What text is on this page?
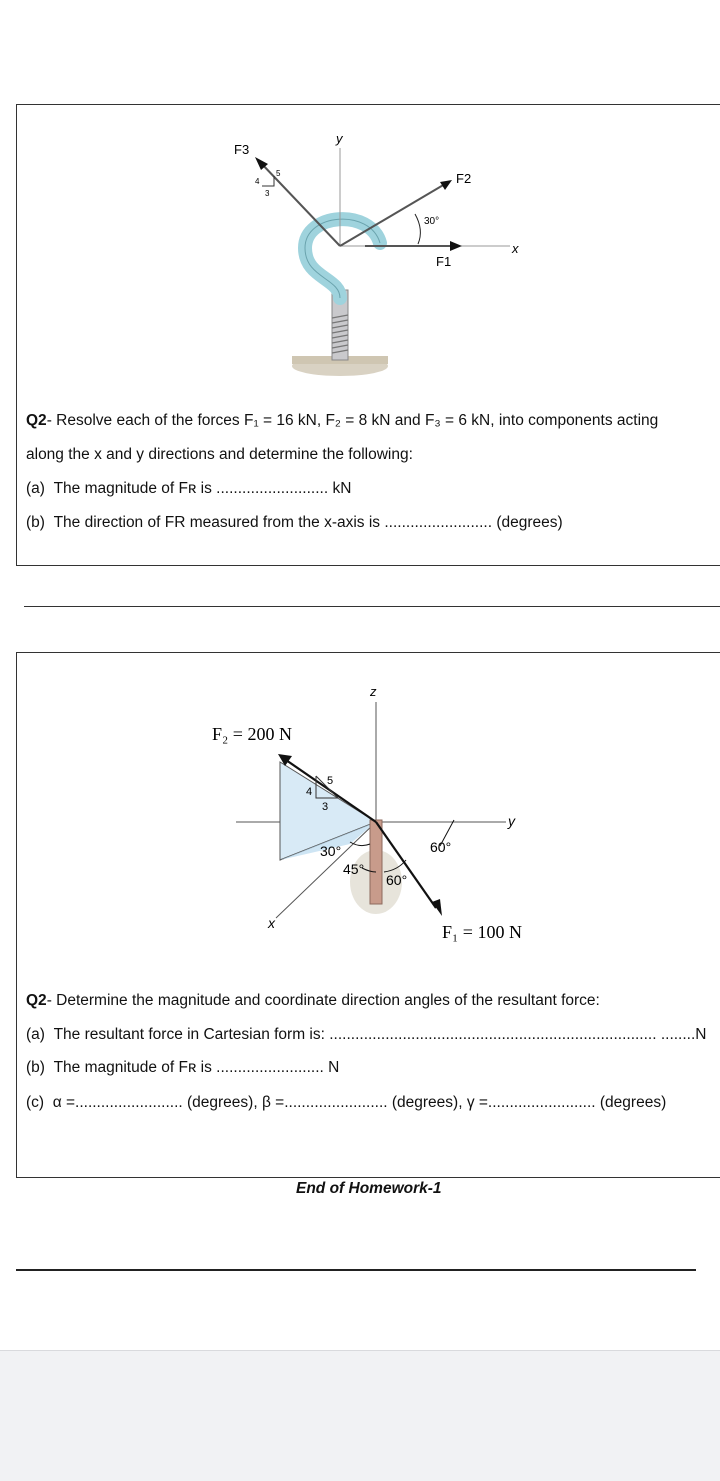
F3
y
F2
F1
x
30°
5
4
3
Q2- Resolve each of the forces F₁ = 16 kN, F₂ = 8 kN and F₃ = 6 kN, into components acting
along the x and y directions and determine the following:
(a) The magnitude of Fʀ is .......................... kN
(b) The direction of FR measured from the x-axis is ......................... (degrees)
z
F₂ = 200 N
5
4
3
y
30°
45°
60°
60°
x	F₁ = 100 N
Q2- Determine the magnitude and coordinate direction angles of the resultant force:
(a) The resultant force in Cartesian form is: ............................................................................ ........N
(b) The magnitude of Fʀ is ......................... N
(c) α =......................... (degrees), β =........................ (degrees), γ =......................... (degrees)
End of Homework-1
